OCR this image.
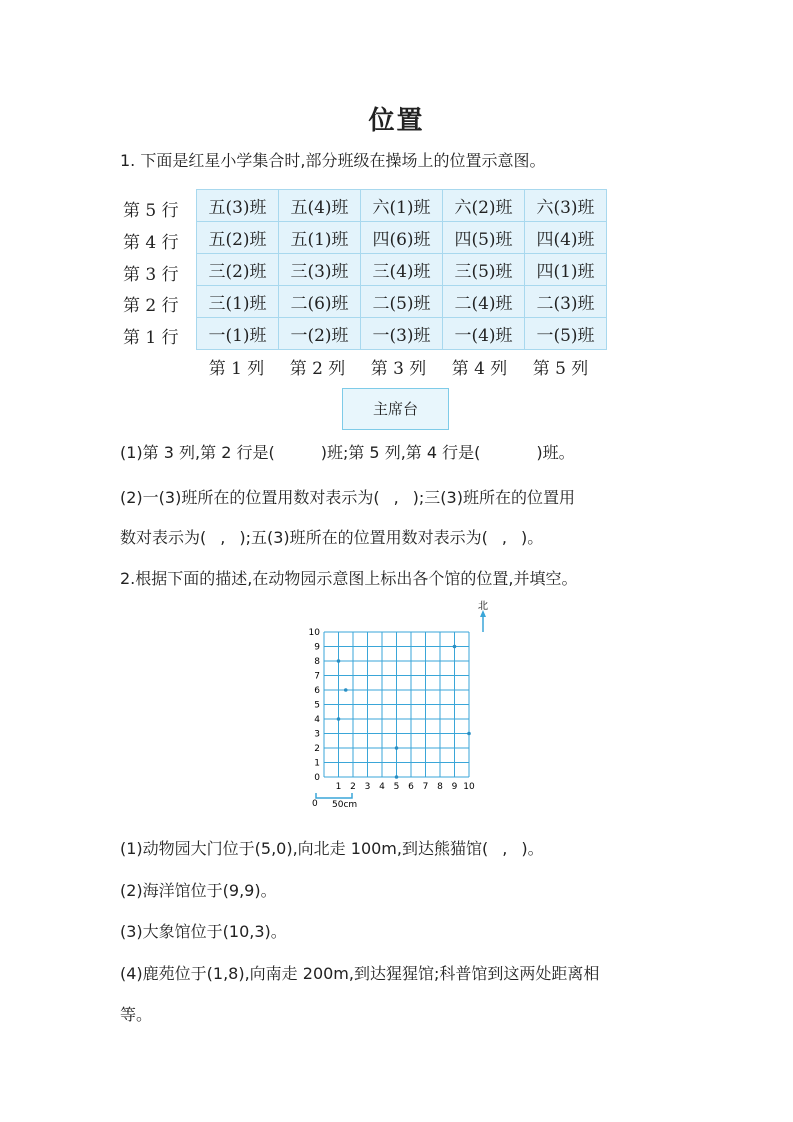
位置
1. 下面是红星小学集合时,部分班级在操场上的位置示意图。
第 5 行
第 4 行
第 3 行
第 2 行
第 1 行
五(3)班	五(4)班	六(1)班	六(2)班	六(3)班
五(2)班	五(1)班	四(6)班	四(5)班	四(4)班
三(2)班	三(3)班	三(4)班	三(5)班	四(1)班
三(1)班	二(6)班	二(5)班	二(4)班	二(3)班
一(1)班	一(2)班	一(3)班	一(4)班	一(5)班
第 1 列	第 2 列	第 3 列	第 4 列	第 5 列
主席台
(1)第 3 列,第 2 行是(	)班;第 5 列,第 4 行是(	)班。
(2)一(3)班所在的位置用数对表示为( , );三(3)班所在的位置用
数对表示为( , );五(3)班所在的位置用数对表示为( , )。
2.根据下面的描述,在动物园示意图上标出各个馆的位置,并填空。
0
1
2
3
4
5
6
7
8
9
10
1 2 3 4 5 6 7 8 9 10
北
0 50cm
(1)动物园大门位于(5,0),向北走 100m,到达熊猫馆( , )。
(2)海洋馆位于(9,9)。
(3)大象馆位于(10,3)。
(4)鹿苑位于(1,8),向南走 200m,到达猩猩馆;科普馆到这两处距离相
等。
